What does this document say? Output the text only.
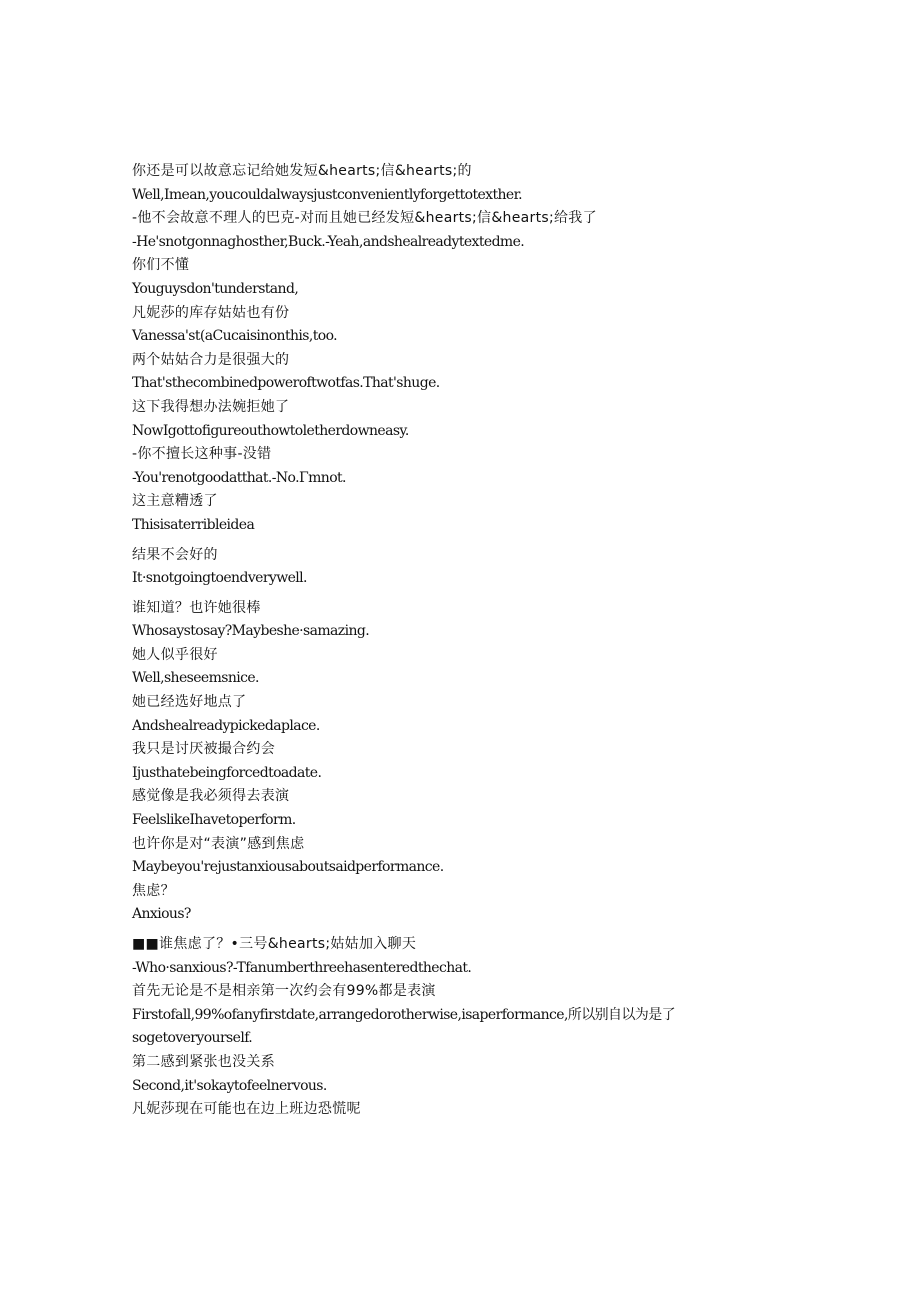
你还是可以故意忘记给她发短&hearts;信&hearts;的

Well,Imean,youcouldalwaysjustconvenientlyforgettotexther.

-他不会故意不理人的巴克-对而且她已经发短&hearts;信&hearts;给我了

-He'snotgonnaghosther,Buck.-Yeah,andshealreadytextedme.

你们不懂

Youguysdon'tunderstand,

凡妮莎的库存姑姑也有份

Vanessa'st(aCucaisinonthis,too.

两个姑姑合力是很强大的

That'sthecombinedpoweroftwotfas.That'shuge.

这下我得想办法婉拒她了

NowIgottofigureouthowtoletherdowneasy.

-你不擅长这种事-没错

-You'renotgoodatthat.-No.Γmnot.

这主意糟透了

Thisisaterribleidea

结果不会好的

It·snotgoingtoendverywell.

谁知道？也许她很棒

Whosaystosay?Maybeshe·samazing.

她人似乎很好

Well,sheseemsnice.

她已经选好地点了

Andshealreadypickedaplace.

我只是讨厌被撮合约会

Ijusthatebeingforcedtoadate.

感觉像是我必须得去表演

FeelslikeIhavetoperform.

也许你是对“表演”感到焦虑

Maybeyou'rejustanxiousaboutsaidperformance.

焦虑？

Anxious?

■■谁焦虑了？•三号&hearts;姑姑加入聊天

-Who·sanxious?-Tfanumberthreehasenteredthechat.

首先无论是不是相亲第一次约会有99%都是表演

Firstofall,99%ofanyfirstdate,arrangedorotherwise,isaperformance,所以别自以为是了

sogetoveryourself.

第二感到紧张也没关系

Second,it'sokaytofeelnervous.

凡妮莎现在可能也在边上班边恐慌呢
